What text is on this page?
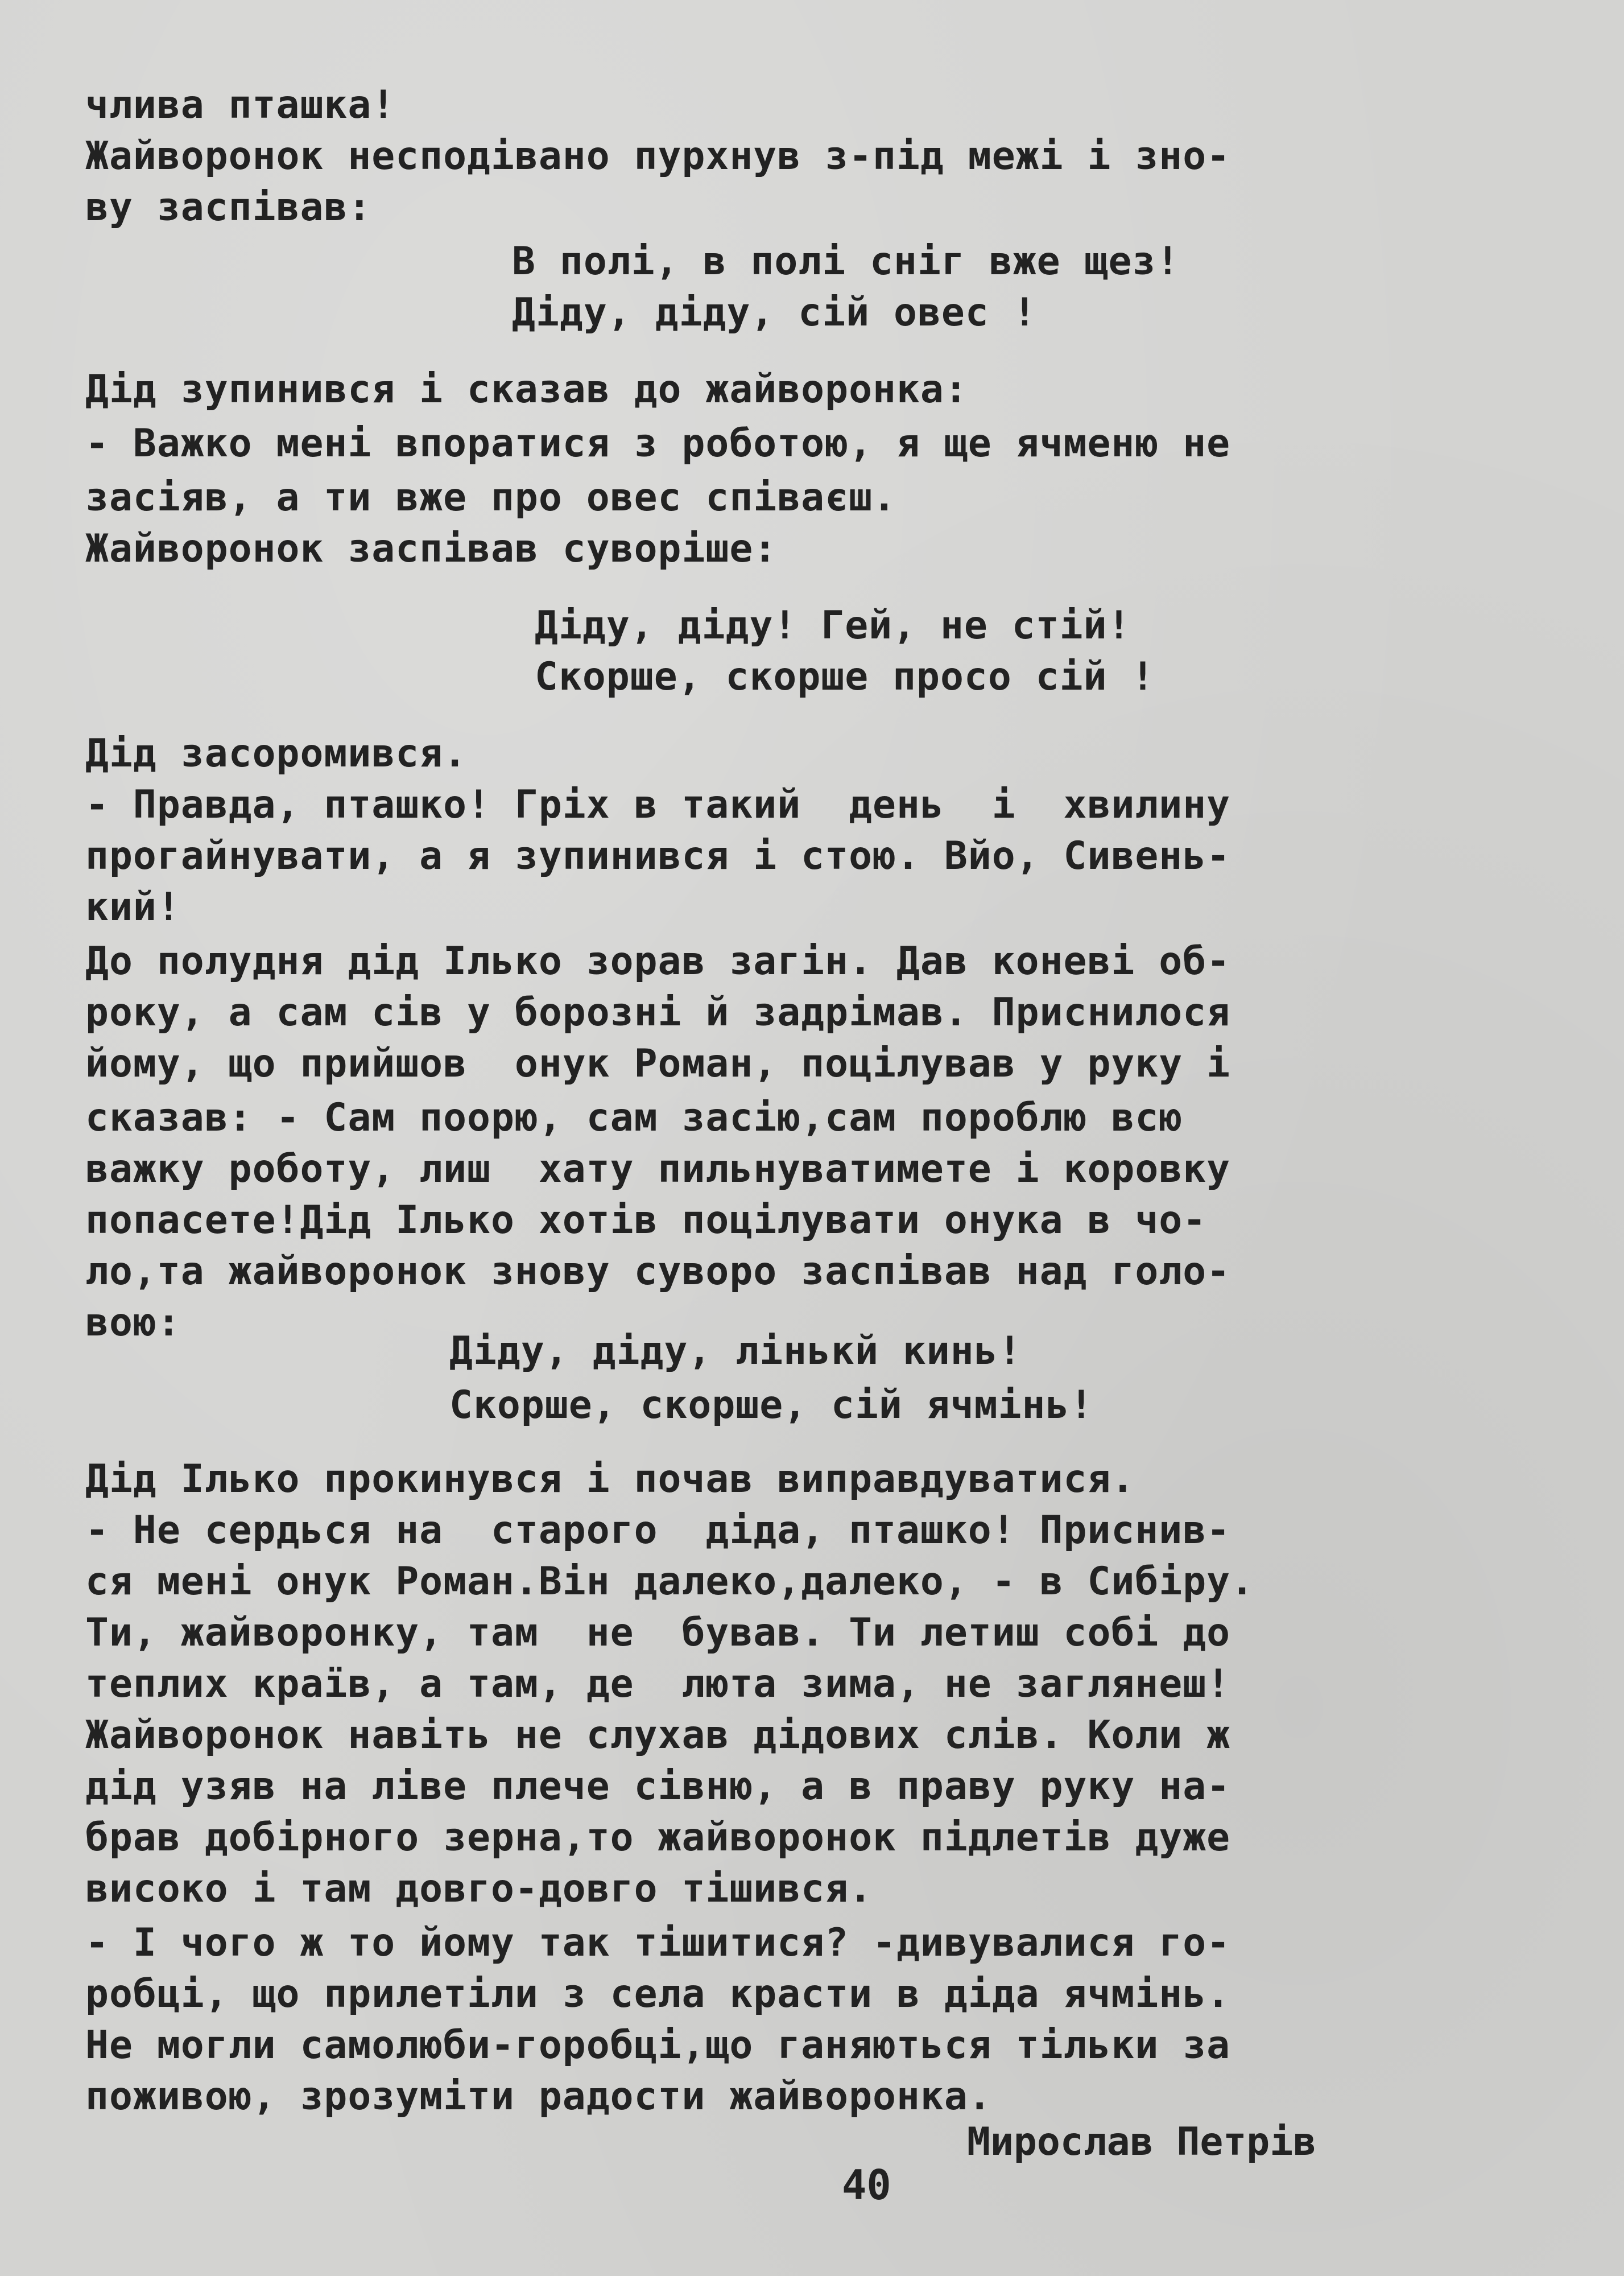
члива пташка!
Жайворонок несподівано пурхнув з-під межі і зно-
ву заспівав:
В полі, в полі сніг вже щез!
Діду, діду, сій овес !
Дід зупинився і сказав до жайворонка:
- Важко мені впоратися з роботою, я ще ячменю не
засіяв, а ти вже про овес співаєш.
Жайворонок заспівав суворіше:
Діду, діду! Гей, не стій!
Скорше, скорше просо сій !
Дід засоромився.
- Правда, пташко! Гріх в такий  день  і  хвилину
прогайнувати, а я зупинився і стою. Вйо, Сивень-
кий!
До полудня дід Ілько зорав загін. Дав коневі об-
року, а сам сів у борозні й задрімав. Приснилося
йому, що прийшов  онук Роман, поцілував у руку і
сказав: - Сам поорю, сам засію,сам пороблю всю
важку роботу, лиш  хату пильнуватимете і коровку
попасете!Дід Ілько хотів поцілувати онука в чо-
ло,та жайворонок знову суворо заспівав над голо-
вою:
Діду, діду, лінькй кинь!
Скорше, скорше, сій ячмінь!
Дід Ілько прокинувся і почав виправдуватися.
- Не сердься на  старого  діда, пташко! Приснив-
ся мені онук Роман.Він далеко,далеко, - в Сибіру.
Ти, жайворонку, там  не  бував. Ти летиш собі до
теплих країв, а там, де  люта зима, не заглянеш!
Жайворонок навіть не слухав дідових слів. Коли ж
дід узяв на ліве плече сівню, а в праву руку на-
брав добірного зерна,то жайворонок підлетів дуже
високо і там довго-довго тішився.
- І чого ж то йому так тішитися? -дивувалися го-
робці, що прилетіли з села красти в діда ячмінь.
Не могли самолюби-горобці,що ганяються тільки за
поживою, зрозуміти радости жайворонка.
Мирослав Петрів
40
